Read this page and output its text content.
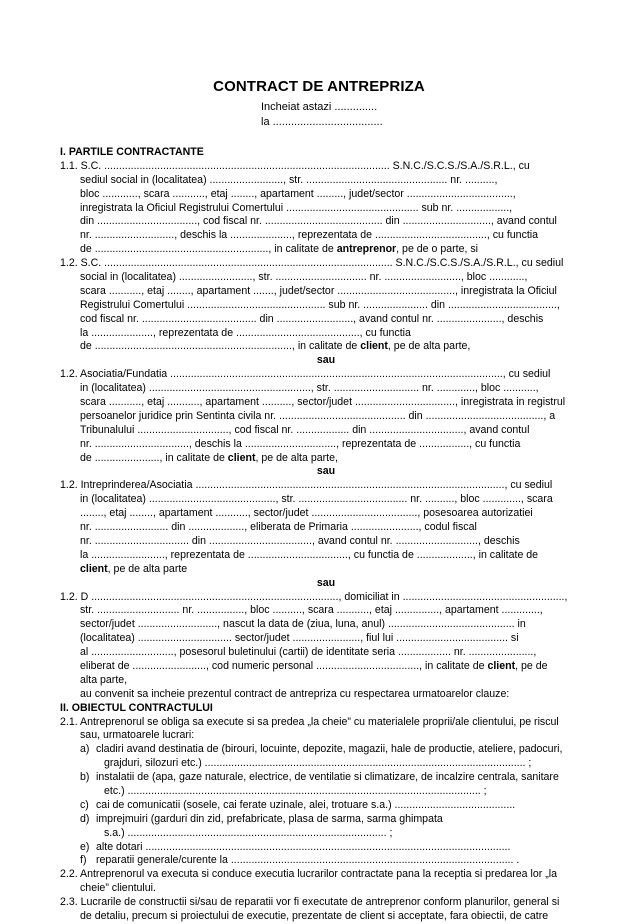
CONTRACT DE ANTREPRIZA
Incheiat astazi ..............
la ....................................
I. PARTILE CONTRACTANTE
1.1. S.C. ................................................................................................. S.N.C./S.C.S./S.A./S.R.L., cu
sediul social in (localitatea) ........................., str. ................................................ nr. ..........,
bloc ............, scara ..........., etaj ........, apartament ........., judet/sector ....................................,
inregistrata la Oficiul Registrului Comertului ............................................. sub nr. ..................,
din .................................., cod fiscal nr. ........................................ din .............................., avand contul
nr. ..........................., deschis la ....................., reprezentata de ......................................, cu functia
de ..........................................................., in calitate de antreprenor, pe de o parte, si
1.2. S.C. .................................................................................................. S.N.C./S.C.S./S.A./S.R.L., cu sediul
social in (localitatea) ........................., str. ............................... nr. .........................., bloc ............,
scara ..........., etaj ........, apartament ......., judet/sector ........................................, inregistrata la Oficiul
Registrului Comertului ............................................... sub nr. ...................... din .....................................,
cod fiscal nr. ....................................... din .........................., avand contul nr. ......................, deschis
la ....................., reprezentata de .........................................., cu functia
de ..................................................................., in calitate de client, pe de alta parte,
sau
1.2. Asociatia/Fundatia ................................................................................................................., cu sediul
in (localitatea) ......................................................., str. ............................. nr. ............., bloc ...........,
scara ..........., etaj ..........., apartament .........., sector/judet .................................., inregistrata in registrul
persoanelor juridice prin Sentinta civila nr. ........................................... din ........................................, a
Tribunalului ..............................., cod fiscal nr. .................. din ................................, avand contul
nr. ................................, deschis la ..............................., reprezentata de ................., cu functia
de ......................, in calitate de client, pe de alta parte,
sau
1.2. Intreprinderea/Asociatia ........................................................................................................., cu sediul
in (localitatea) ..........................................., str. ..................................... nr. .........., bloc ............., scara
........, etaj ........, apartament ..........., sector/judet ...................................., posesoarea autorizatiei
nr. ......................... din ..................., eliberata de Primaria ......................., codul fiscal
nr. ................................ din ..................................., avand contul nr. ............................, deschis
la ........................., reprezentata de .................................., cu functia de ..................., in calitate de
client, pe de alta parte
sau
1.2. D ...................................................................................., domiciliat in .......................................................,
str. ............................ nr. ................, bloc .........., scara ..........., etaj ..............., apartament .............,
sector/judet ..........................., nascut la data de (ziua, luna, anul) ........................................... in
(localitatea) ................................ sector/judet ......................., fiul lui ...................................... si
al ............................, posesorul buletinului (cartii) de identitate seria .................. nr. ......................,
eliberat de ........................., cod numeric personal ..................................., in calitate de client, pe de
alta parte,
au convenit sa incheie prezentul contract de antrepriza cu respectarea urmatoarelor clauze:
II. OBIECTUL CONTRACTULUI
2.1. Antreprenorul se obliga sa execute si sa predea „la cheie” cu materialele proprii/ale clientului, pe riscul
sau, urmatoarele lucrari:
a) cladiri avand destinatia de (birouri, locuinte, depozite, magazii, hale de productie, ateliere, padocuri,
grajduri, silozuri etc.) ............................................................................................................. ;
b) instalatii de (apa, gaze naturale, electrice, de ventilatie si climatizare, de incalzire centrala, sanitare
etc.) ........................................................................................................................ ;
c) cai de comunicatii (sosele, cai ferate uzinale, alei, trotuare s.a.) .........................................
d) imprejmuiri (garduri din zid, prefabricate, plasa de sarma, sarma ghimpata
s.a.) ........................................................................................ ;
e) alte dotari ............................................................................................................................
f) reparatii generale/curente la ................................................................................................ .
2.2. Antreprenorul va executa si conduce executia lucrarilor contractate pana la receptia si predarea lor „la
cheie” clientului.
2.3. Lucrarile de constructii si/sau de reparatii vor fi executate de antreprenor conform planurilor, general si
de detaliu, precum si proiectului de executie, prezentate de client si acceptate, fara obiectii, de catre
